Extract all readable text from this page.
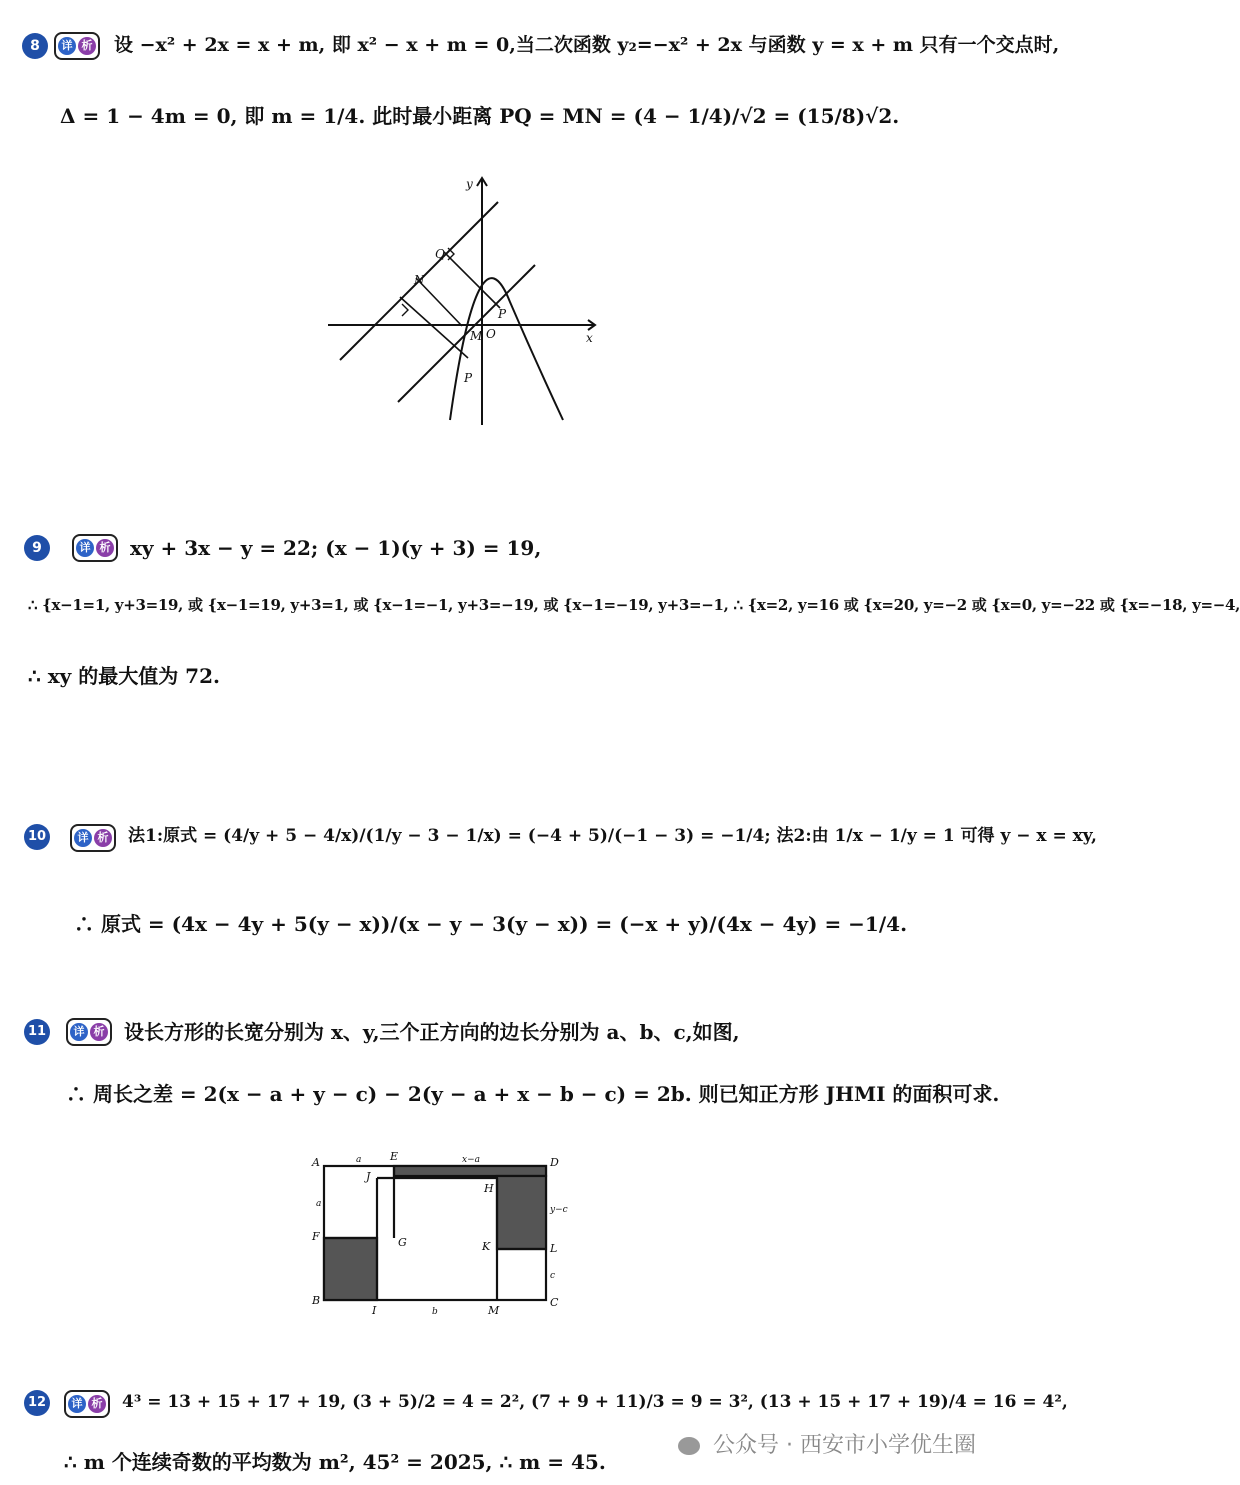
8	详 析 设 −x² + 2x = x + m, 即 x² − x + m = 0,当二次函数 y₂=−x² + 2x 与函数 y = x + m 只有一个交点时,
Δ = 1 − 4m = 0, 即 m = 1/4. 此时最小距离 PQ = MN = (4 − 1/4)/√2 = (15/8)√2.
y
x
O
Q
N
P
P
M
9	详 析 xy + 3x − y = 22; (x − 1)(y + 3) = 19,
∴ {x−1=1, y+3=19, 或 {x−1=19, y+3=1, 或 {x−1=−1, y+3=−19, 或 {x−1=−19, y+3=−1, ∴ {x=2, y=16 或 {x=20, y=−2 或 {x=0, y=−22 或 {x=−18, y=−4,
∴ xy 的最大值为 72.
10	详 析 法1:原式 = (4/y + 5 − 4/x)/(1/y − 3 − 1/x) = (−4 + 5)/(−1 − 3) = −1/4; 法2:由 1/x − 1/y = 1 可得 y − x = xy,
∴ 原式 = (4x − 4y + 5(y − x))/(x − y − 3(y − x)) = (−x + y)/(4x − 4y) = −1/4.
11	详 析 设长方形的长宽分别为 x、y,三个正方向的边长分别为 a、b、c,如图,
∴ 周长之差 = 2(x − a + y − c) − 2(y − a + x − b − c) = 2b. 则已知正方形 JHMI 的面积可求.
A	E	D
J
H
F	G	K	L
B
I	M
C
a	x−a
a
y−c
c
b
12	详 析 4³ = 13 + 15 + 17 + 19, (3 + 5)/2 = 4 = 2², (7 + 9 + 11)/3 = 9 = 3², (13 + 15 + 17 + 19)/4 = 16 = 4²,
∴ m 个连续奇数的平均数为 m², 45² = 2025, ∴ m = 45.
公众号 · 西安市小学优生圈
